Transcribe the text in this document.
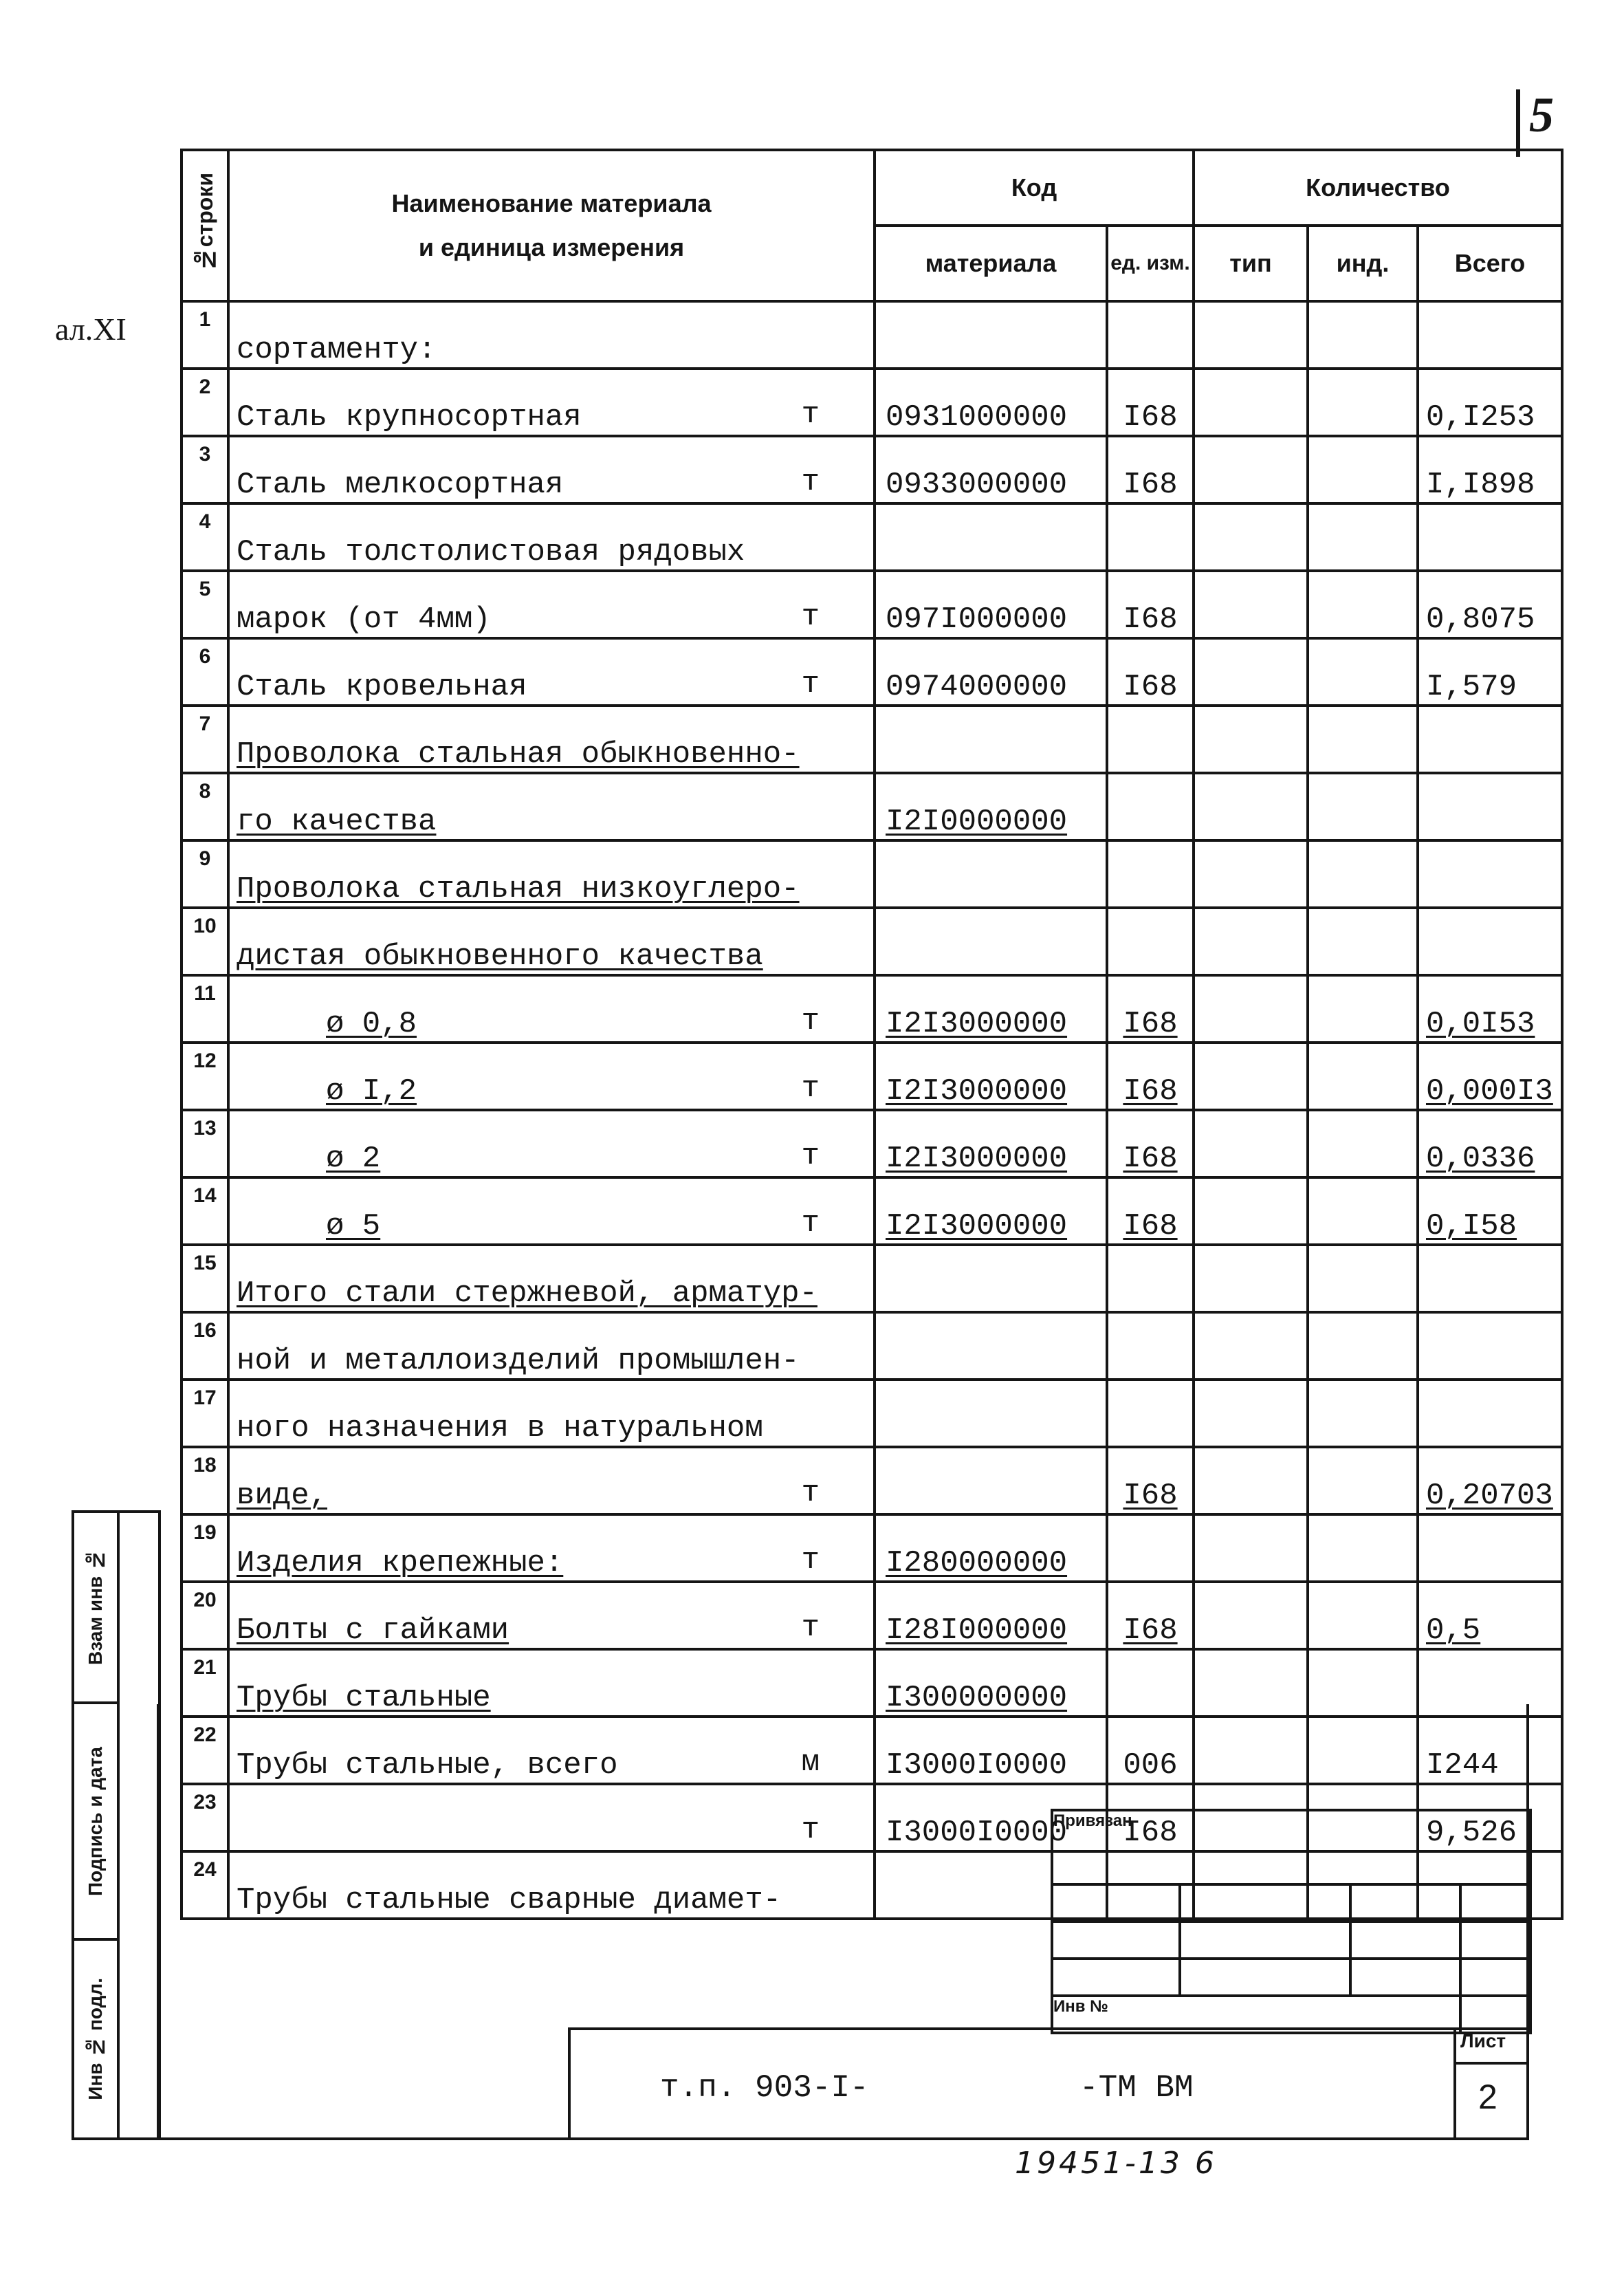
5
ал.XI
№строки	Наименование материала
и единица измерения	Код		Количество		
		материала	ед. изм.	тип	инд.	Всего
1	сортаменту:

2	Сталь крупносортная т	0931000000	I68			0,I253
3	Сталь мелкосортная т	0933000000	I68			I,I898
4	Сталь толстолистовая рядовых

5	марок (от 4мм) т	097I000000	I68			0,8075
6	Сталь кровельная т	0974000000	I68			I,579
7	Проволока стальная обыкновенно-

8	го качества	I2I0000000				
9	Проволока стальная низкоуглеро-

10	дистая обыкновенного качества

11	ø 0,8 т	I2I3000000	I68			0,0I53
12	ø I,2 т	I2I3000000	I68			0,000I3
13	ø 2 т	I2I3000000	I68			0,0336
14	ø 5 т	I2I3000000	I68			0,I58
15	Итого стали стержневой, арматур-

16	ной и металлоизделий промышлен-

17	ного назначения в натуральном

18	виде, т		I68			0,20703
19	Изделия крепежные: т	I280000000				
20	Болты с гайками т	I28I000000	I68			0,5
21	Трубы стальные	I300000000				
22	Трубы стальные, всего м	I3000I0000	006			I244
23	т	I3000I0000	I68			9,526
24	Трубы стальные сварные диамет-

Взам инв №
Подпись и дата
Инв № подл.
Привязан			

Инв №			
т.п. 903-I-	-ТМ ВМ
Лист
2
19451-13 6
